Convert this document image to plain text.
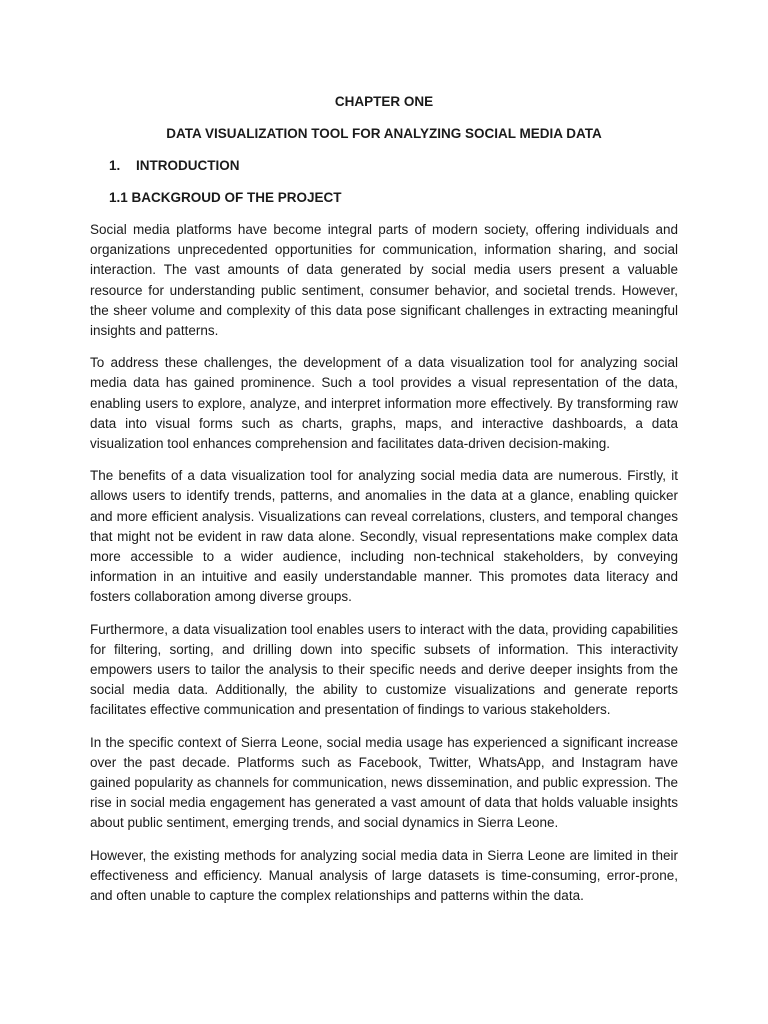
CHAPTER ONE
DATA VISUALIZATION TOOL FOR ANALYZING SOCIAL MEDIA DATA
1. INTRODUCTION
1.1 BACKGROUD OF THE PROJECT

Social media platforms have become integral parts of modern society, offering individuals and organizations unprecedented opportunities for communication, information sharing, and social interaction. The vast amounts of data generated by social media users present a valuable resource for understanding public sentiment, consumer behavior, and societal trends. However, the sheer volume and complexity of this data pose significant challenges in extracting meaningful insights and patterns.

To address these challenges, the development of a data visualization tool for analyzing social media data has gained prominence. Such a tool provides a visual representation of the data, enabling users to explore, analyze, and interpret information more effectively. By transforming raw data into visual forms such as charts, graphs, maps, and interactive dashboards, a data visualization tool enhances comprehension and facilitates data-driven decision-making.

The benefits of a data visualization tool for analyzing social media data are numerous. Firstly, it allows users to identify trends, patterns, and anomalies in the data at a glance, enabling quicker and more efficient analysis. Visualizations can reveal correlations, clusters, and temporal changes that might not be evident in raw data alone. Secondly, visual representations make complex data more accessible to a wider audience, including non-technical stakeholders, by conveying information in an intuitive and easily understandable manner. This promotes data literacy and fosters collaboration among diverse groups.

Furthermore, a data visualization tool enables users to interact with the data, providing capabilities for filtering, sorting, and drilling down into specific subsets of information. This interactivity empowers users to tailor the analysis to their specific needs and derive deeper insights from the social media data. Additionally, the ability to customize visualizations and generate reports facilitates effective communication and presentation of findings to various stakeholders.

In the specific context of Sierra Leone, social media usage has experienced a significant increase over the past decade. Platforms such as Facebook, Twitter, WhatsApp, and Instagram have gained popularity as channels for communication, news dissemination, and public expression. The rise in social media engagement has generated a vast amount of data that holds valuable insights about public sentiment, emerging trends, and social dynamics in Sierra Leone.

However, the existing methods for analyzing social media data in Sierra Leone are limited in their effectiveness and efficiency. Manual analysis of large datasets is time-consuming, error-prone, and often unable to capture the complex relationships and patterns within the data.
